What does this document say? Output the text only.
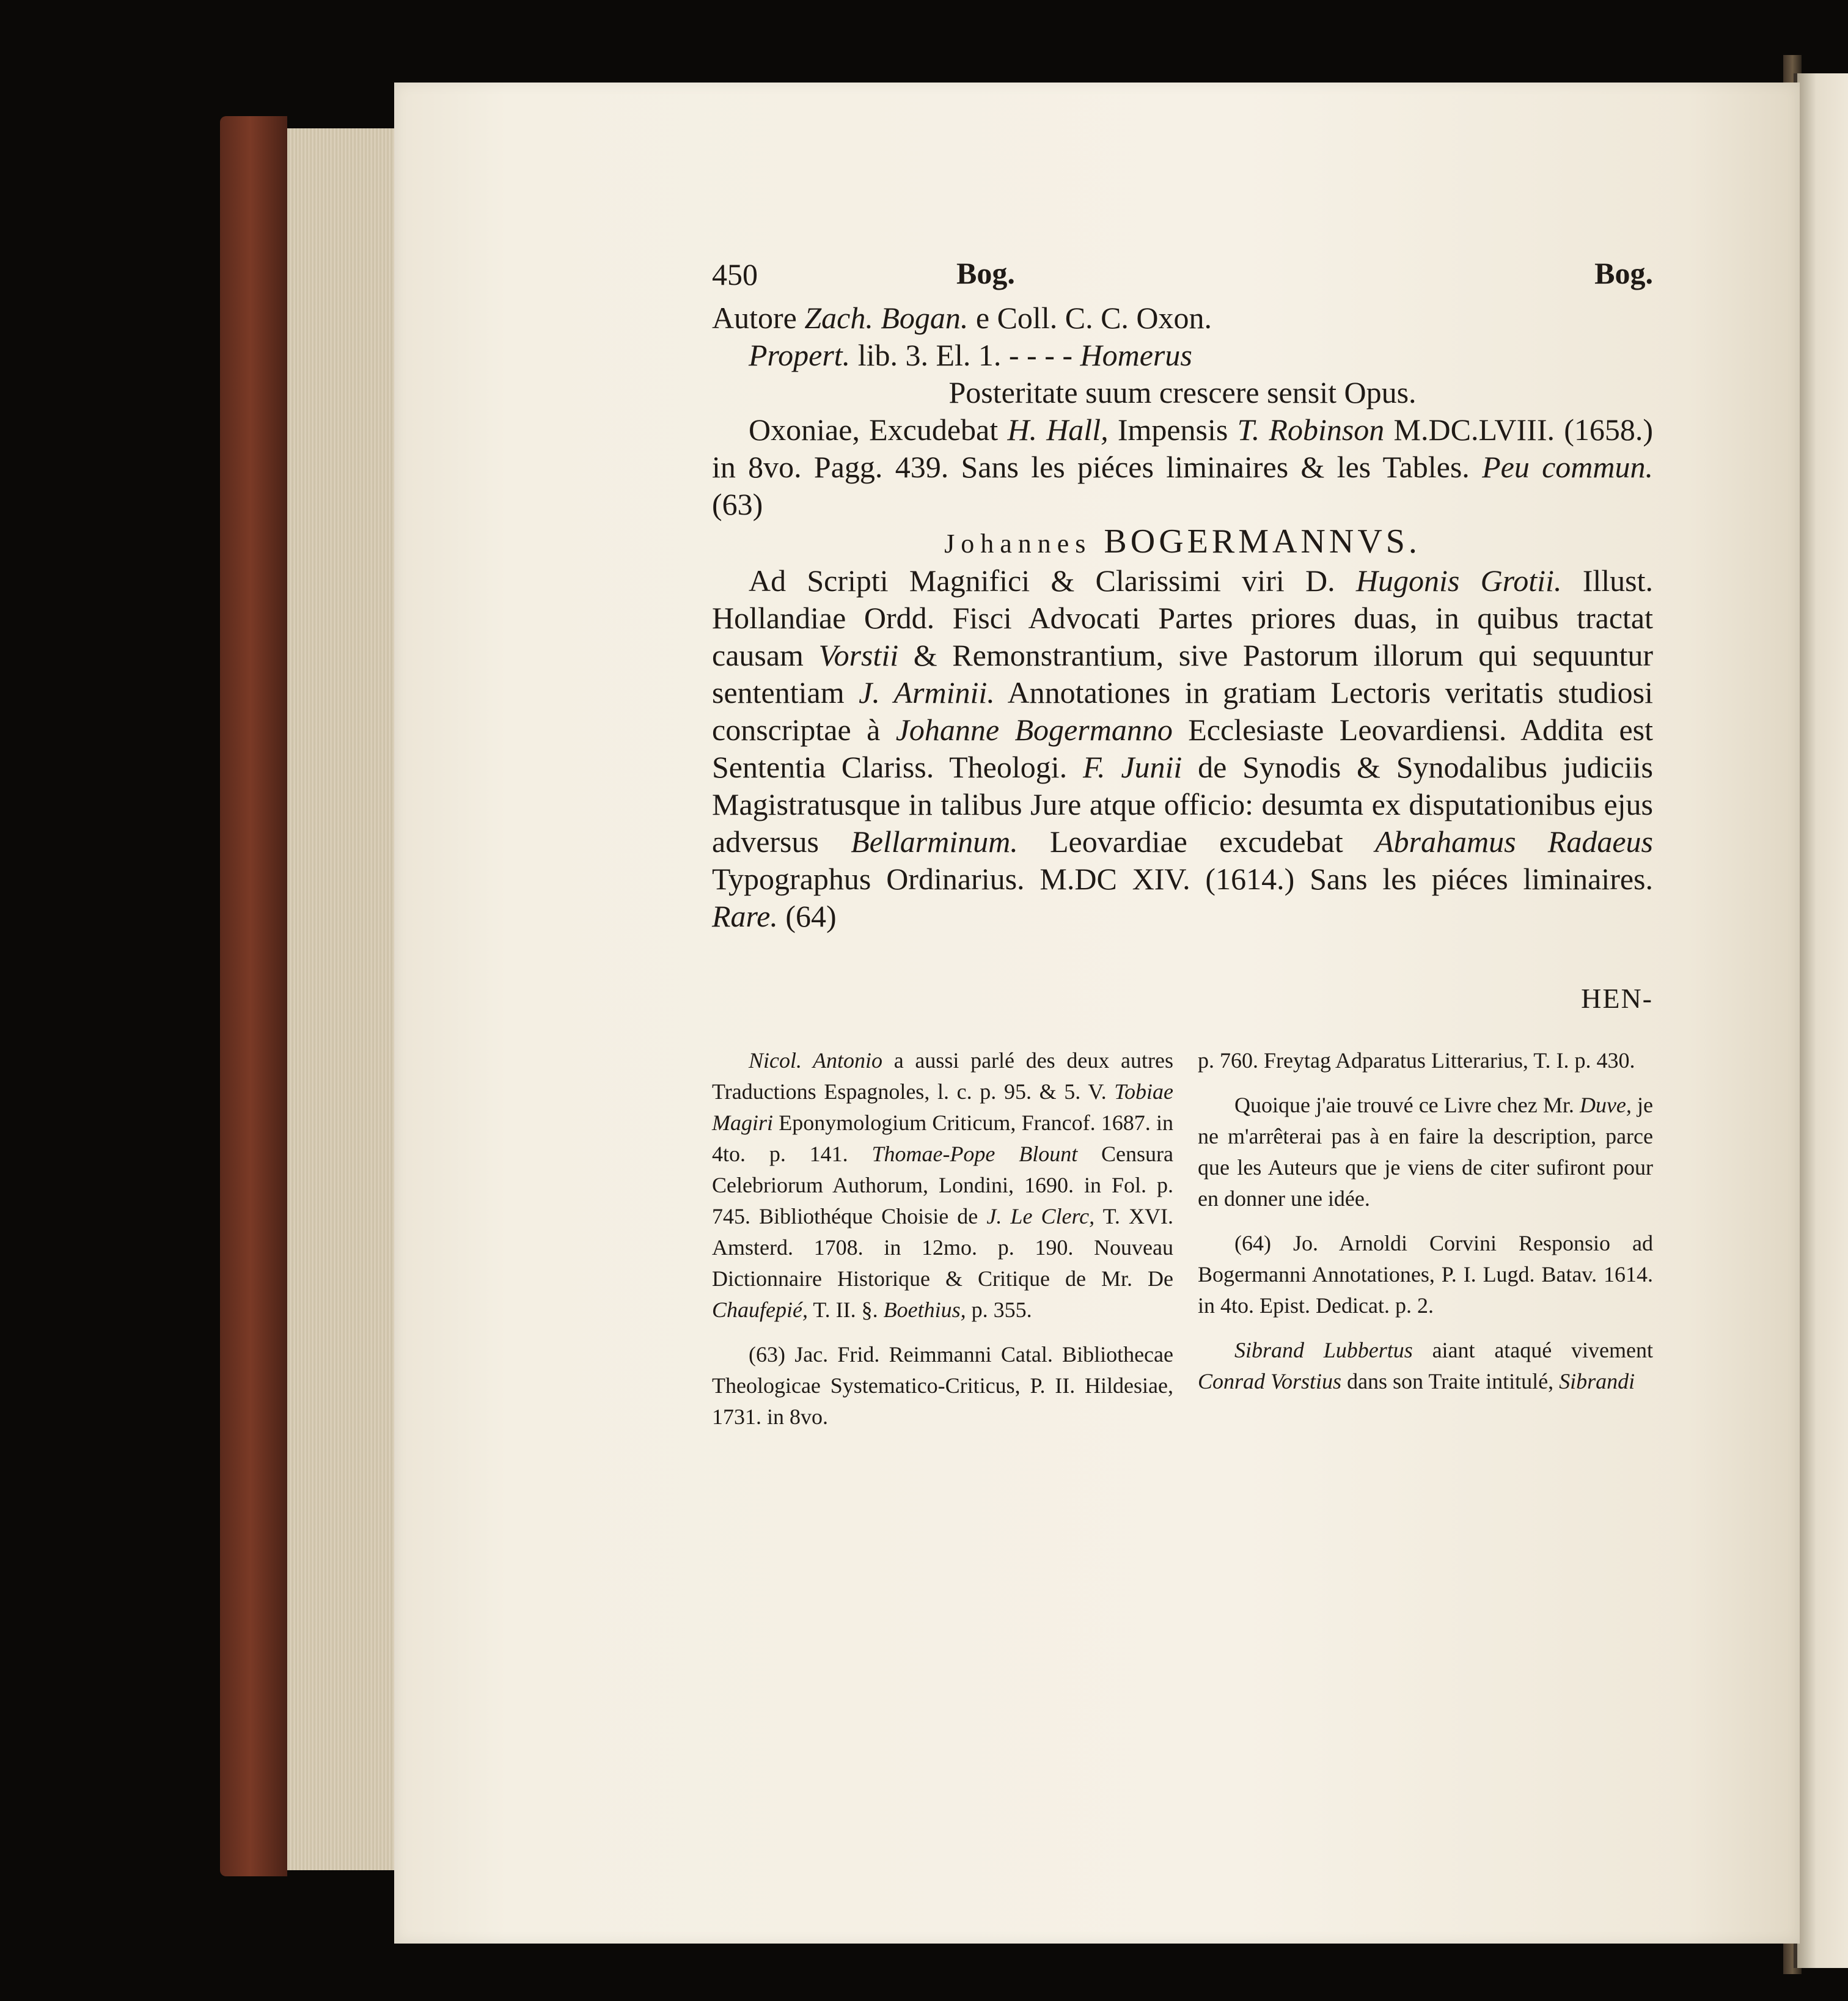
450	Bog.	Bog.

Autore Zach. Bogan. e Coll. C. C. Oxon.

Propert. lib. 3. El. 1. - - - - Homerus

Posteritate suum crescere sensit Opus.

Oxoniae, Excudebat H. Hall, Impensis T. Robinson M.DC.LVIII. (1658.) in 8vo. Pagg. 439. Sans les piéces liminaires & les Tables. Peu commun. (63)

Johannes BOGERMANNVS.

Ad Scripti Magnifici & Clarissimi viri D. Hugonis Grotii. Illust. Hollandiae Ordd. Fisci Advocati Partes priores duas, in quibus tractat causam Vorstii & Remonstrantium, sive Pastorum illorum qui sequuntur sententiam J. Arminii. Annotationes in gratiam Lectoris veritatis studiosi conscriptae à Johanne Bogermanno Ecclesiaste Leovardiensi. Addita est Sententia Clariss. Theologi. F. Junii de Synodis & Synodalibus judiciis Magistratusque in talibus Jure atque officio: desumta ex disputationibus ejus adversus Bellarminum. Leovardiae excudebat Abrahamus Radaeus Typographus Ordinarius. M.DC XIV. (1614.) Sans les piéces liminaires. Rare. (64)

HEN-

Nicol. Antonio a aussi parlé des deux autres Traductions Espagnoles, l. c. p. 95. & 5. V. Tobiae Magiri Eponymologium Criticum, Francof. 1687. in 4to. p. 141. Thomae-Pope Blount Censura Celebriorum Authorum, Londini, 1690. in Fol. p. 745. Bibliothéque Choisie de J. Le Clerc, T. XVI. Amsterd. 1708. in 12mo. p. 190. Nouveau Dictionnaire Historique & Critique de Mr. De Chaufepié, T. II. §. Boethius, p. 355.

(63) Jac. Frid. Reimmanni Catal. Bibliothecae Theologicae Systematico-Criticus, P. II. Hildesiae, 1731. in 8vo.

p. 760. Freytag Adparatus Litterarius, T. I. p. 430.

Quoique j'aie trouvé ce Livre chez Mr. Duve, je ne m'arrêterai pas à en faire la description, parce que les Auteurs que je viens de citer sufiront pour en donner une idée.

(64) Jo. Arnoldi Corvini Responsio ad Bogermanni Annotationes, P. I. Lugd. Batav. 1614. in 4to. Epist. Dedicat. p. 2.

Sibrand Lubbertus aiant ataqué vivement Conrad Vorstius dans son Traite intitulé, Sibrandi
